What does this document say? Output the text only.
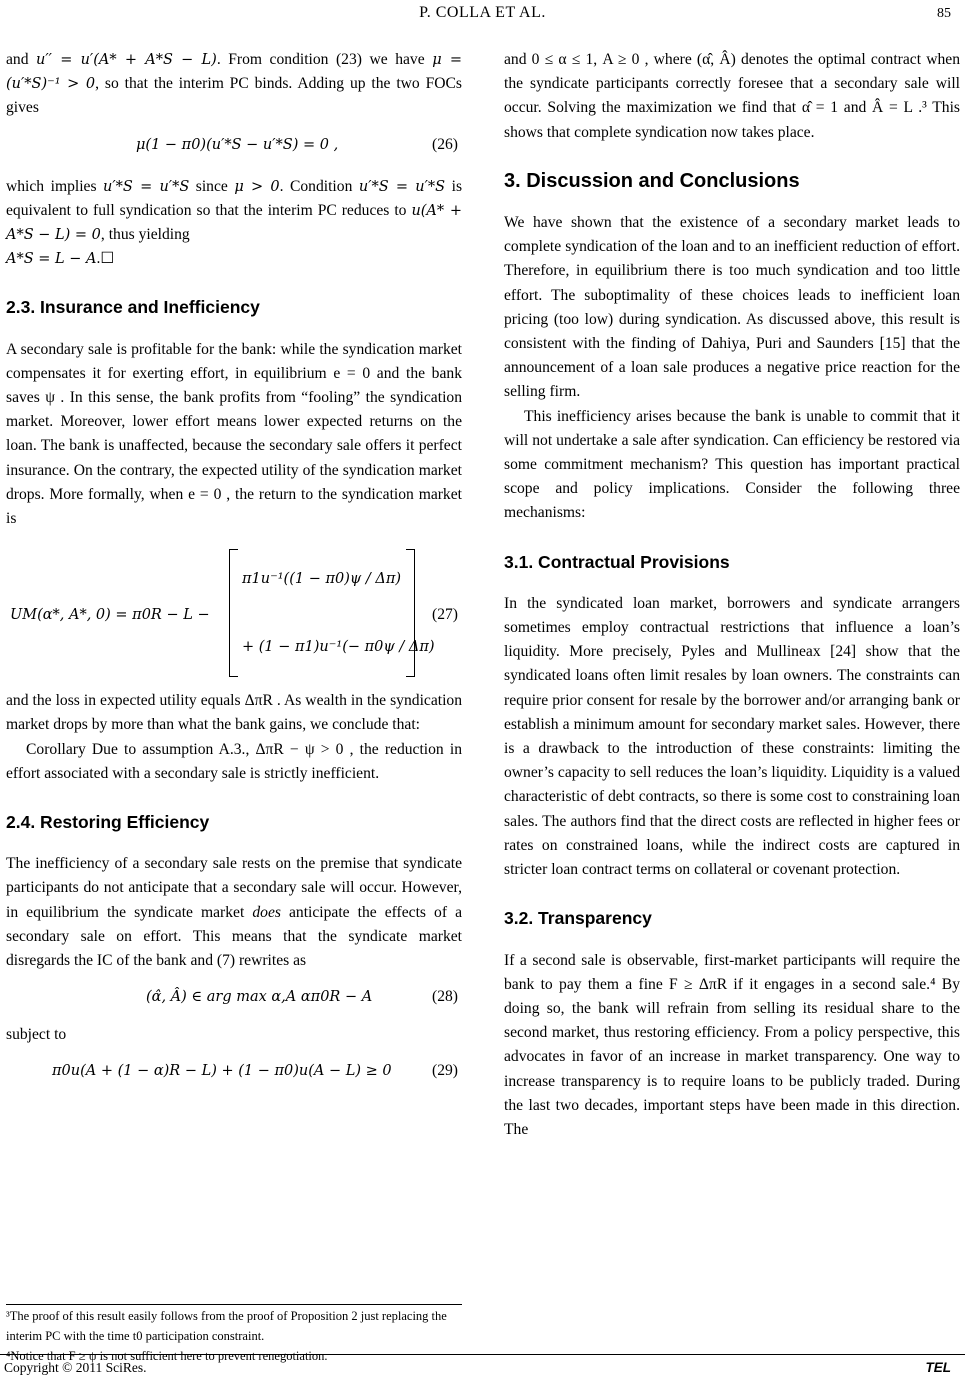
P. COLLA ET AL.	85

and u′′ = u′(A* + A*S − L). From condition (23) we have μ = (u′*S)⁻¹ > 0, so that the interim PC binds. Adding up the two FOCs gives

μ(1 − π0)(u′*S − u′*S) = 0 ,	(26)

which implies u′*S = u′*S since μ > 0. Condition u′*S = u′*S is equivalent to full syndication so that the interim PC reduces to u(A* + A*S − L) = 0, thus yielding
A*S = L − A.☐

2.3. Insurance and Inefficiency

A secondary sale is profitable for the bank: while the syndication market compensates it for exerting effort, in equilibrium e = 0 and the bank saves ψ . In this sense, the bank profits from “fooling” the syndication market. Moreover, lower effort means lower expected returns on the loan. The bank is unaffected, because the secondary sale offers it perfect insurance. On the contrary, the expected utility of the syndication market drops. More formally, when e = 0 , the return to the syndication market is

UM(α*, A*, 0) = π0R − L −
π1u⁻¹((1 − π0)ψ / Δπ)
+ (1 − π1)u⁻¹(− π0ψ / Δπ)
(27)

and the loss in expected utility equals ΔπR . As wealth in the syndication market drops by more than what the bank gains, we conclude that:

Corollary Due to assumption A.3., ΔπR − ψ > 0 , the reduction in effort associated with a secondary sale is strictly inefficient.

2.4. Restoring Efficiency

The inefficiency of a secondary sale rests on the premise that syndicate participants do not anticipate that a secondary sale will occur. However, in equilibrium the syndicate market does anticipate the effects of a secondary sale on effort. This means that the syndicate market disregards the IC of the bank and (7) rewrites as

(α̂, Â) ∈ arg max α,A απ0R − A	(28)

subject to

π0u(A + (1 − α)R − L) + (1 − π0)u(A − L) ≥ 0	(29)
³The proof of this result easily follows from the proof of Proposition 2 just replacing the interim PC with the time t0 participation constraint.
⁴Notice that F ≥ ψ is not sufficient here to prevent renegotiation.

and 0 ≤ α ≤ 1, A ≥ 0 , where (α̂, Â) denotes the optimal contract when the syndicate participants correctly foresee that a secondary sale will occur. Solving the maximization we find that α̂ = 1 and Â = L .³ This shows that complete syndication now takes place.

3. Discussion and Conclusions

We have shown that the existence of a secondary market leads to complete syndication of the loan and to an inefficient reduction of effort. Therefore, in equilibrium there is too much syndication and too little effort. The suboptimality of these choices leads to inefficient loan pricing (too low) during syndication. As discussed above, this result is consistent with the finding of Dahiya, Puri and Saunders [15] that the announcement of a loan sale produces a negative price reaction for the selling firm.

This inefficiency arises because the bank is unable to commit that it will not undertake a sale after syndication. Can efficiency be restored via some commitment mechanism? This question has important practical scope and policy implications. Consider the following three mechanisms:

3.1. Contractual Provisions

In the syndicated loan market, borrowers and syndicate arrangers sometimes employ contractual restrictions that influence a loan’s liquidity. More precisely, Pyles and Mullineax [24] show that the syndicated loans often limit resales by loan owners. The constraints can require prior consent for resale by the borrower and/or arranging bank or establish a minimum amount for secondary market sales. However, there is a drawback to the introduction of these constraints: limiting the owner’s capacity to sell reduces the loan’s liquidity. Liquidity is a valued characteristic of debt contracts, so there is some cost to constraining loan sales. The authors find that the direct costs are reflected in higher fees or rates on constrained loans, while the indirect costs are captured in stricter loan contract terms on collateral or covenant protection.

3.2. Transparency

If a second sale is observable, first-market participants will require the bank to pay them a fine F ≥ ΔπR if it engages in a second sale.⁴ By doing so, the bank will refrain from selling its residual share to the second market, thus restoring efficiency. From a policy perspective, this advocates in favor of an increase in market transparency. One way to increase transparency is to require loans to be publicly traded. During the last two decades, important steps have been made in this direction. The

Copyright © 2011 SciRes.	TEL
